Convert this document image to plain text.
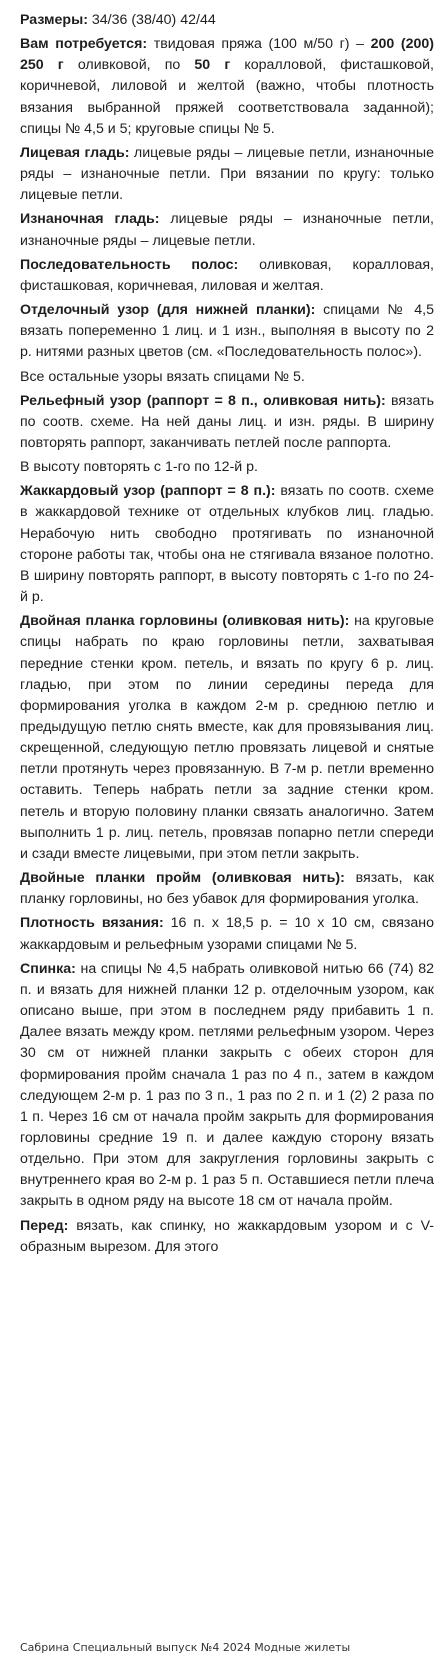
Размеры: 34/36 (38/40) 42/44

Вам потребуется: твидовая пряжа (100 м/50 г) – 200 (200) 250 г оливковой, по 50 г коралловой, фисташковой, коричневой, лиловой и желтой (важно, чтобы плотность вязания выбранной пряжей соответствовала заданной); спицы № 4,5 и 5; круговые спицы № 5.

Лицевая гладь: лицевые ряды – лицевые петли, изнаночные ряды – изнаночные петли. При вязании по кругу: только лицевые петли.

Изнаночная гладь: лицевые ряды – изнаночные петли, изнаночные ряды – лицевые петли.

Последовательность полос: оливковая, коралловая, фисташковая, коричневая, лиловая и желтая.

Отделочный узор (для нижней планки): спицами № 4,5 вязать попеременно 1 лиц. и 1 изн., выполняя в высоту по 2 р. нитями разных цветов (см. «Последовательность полос»).

Все остальные узоры вязать спицами № 5.

Рельефный узор (раппорт = 8 п., оливковая нить): вязать по соотв. схеме. На ней даны лиц. и изн. ряды. В ширину повторять раппорт, заканчивать петлей после раппорта.

В высоту повторять с 1-го по 12-й р.

Жаккардовый узор (раппорт = 8 п.): вязать по соотв. схеме в жаккардовой технике от отдельных клубков лиц. гладью. Нерабочую нить свободно протягивать по изнаночной стороне работы так, чтобы она не стягивала вязаное полотно. В ширину повторять раппорт, в высоту повторять с 1-го по 24-й р.

Двойная планка горловины (оливковая нить): на круговые спицы набрать по краю горловины петли, захватывая передние стенки кром. петель, и вязать по кругу 6 р. лиц. гладью, при этом по линии середины переда для формирования уголка в каждом 2-м р. среднюю петлю и предыдущую петлю снять вместе, как для провязывания лиц. скрещенной, следующую петлю провязать лицевой и снятые петли протянуть через провязанную. В 7-м р. петли временно оставить. Теперь набрать петли за задние стенки кром. петель и вторую половину планки связать аналогично. Затем выполнить 1 р. лиц. петель, провязав попарно петли спереди и сзади вместе лицевыми, при этом петли закрыть.

Двойные планки пройм (оливковая нить): вязать, как планку горловины, но без убавок для формирования уголка.

Плотность вязания: 16 п. х 18,5 р. = 10 х 10 см, связано жаккардовым и рельефным узорами спицами № 5.

Спинка: на спицы № 4,5 набрать оливковой нитью 66 (74) 82 п. и вязать для нижней планки 12 р. отделочным узором, как описано выше, при этом в последнем ряду прибавить 1 п. Далее вязать между кром. петлями рельефным узором. Через 30 см от нижней планки закрыть с обеих сторон для формирования пройм сначала 1 раз по 4 п., затем в каждом следующем 2-м р. 1 раз по 3 п., 1 раз по 2 п. и 1 (2) 2 раза по 1 п. Через 16 см от начала пройм закрыть для формирования горловины средние 19 п. и далее каждую сторону вязать отдельно. При этом для закругления горловины закрыть с внутреннего края во 2-м р. 1 раз 5 п. Оставшиеся петли плеча закрыть в одном ряду на высоте 18 см от начала пройм.

Перед: вязать, как спинку, но жаккардовым узором и с V-образным вырезом. Для этого

Сабрина Специальный выпуск №4 2024 Модные жилеты
